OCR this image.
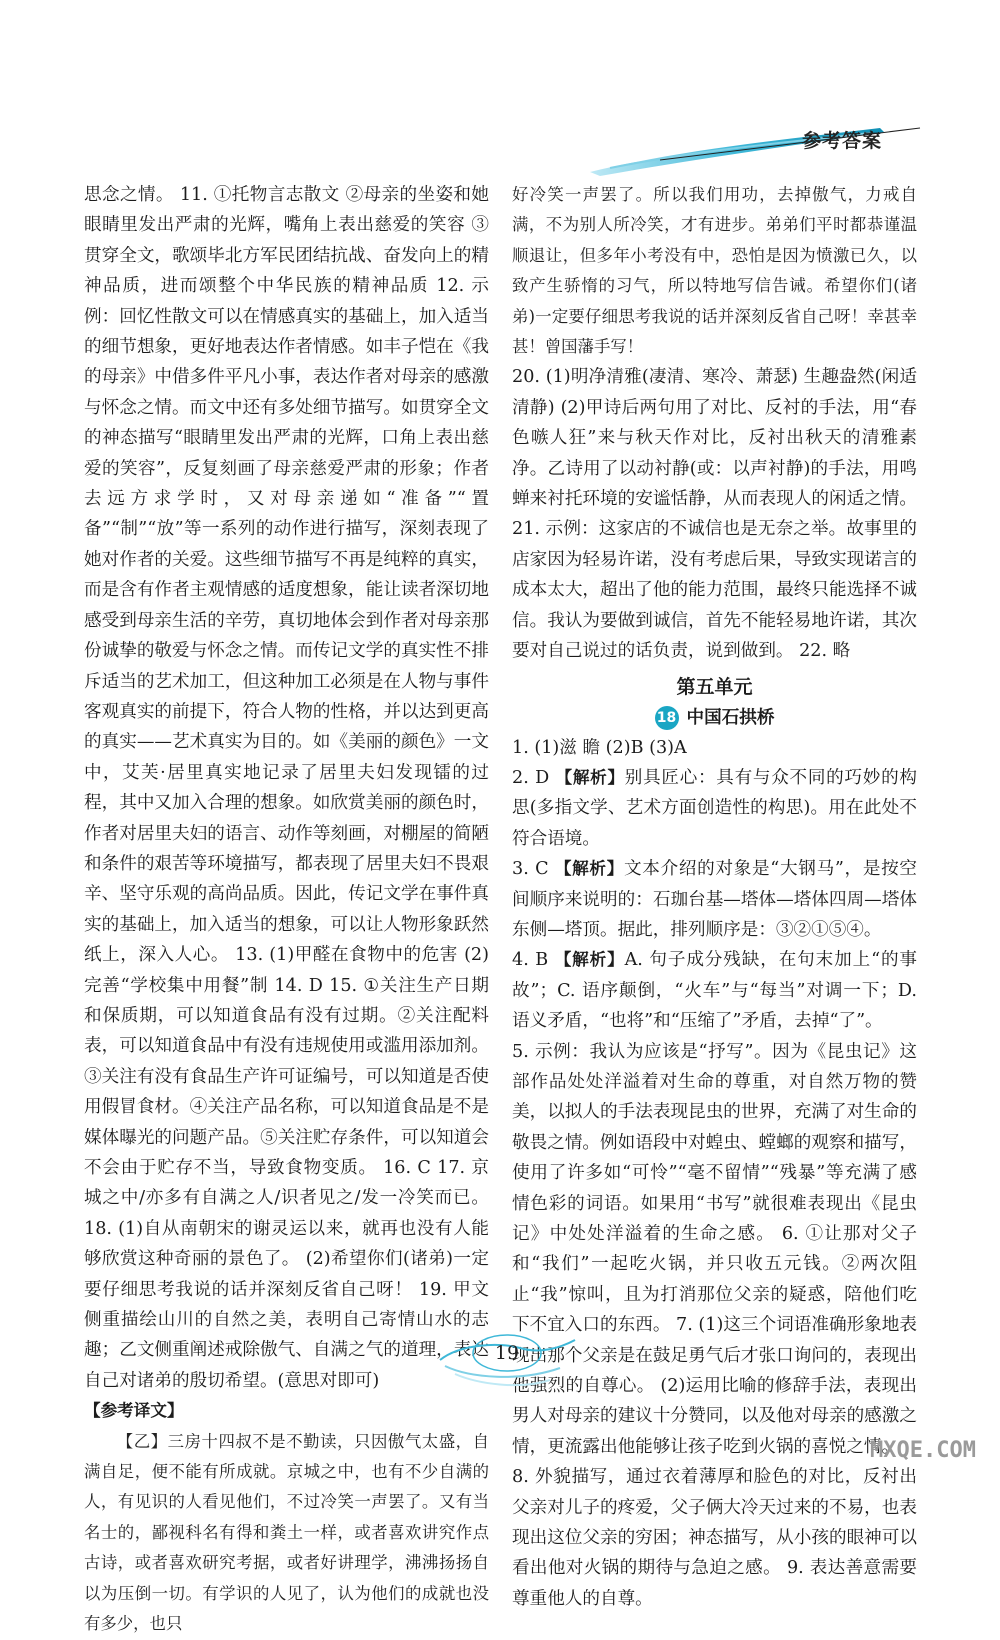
参考答案

思念之情。 11. ①托物言志散文 ②母亲的坐姿和她眼睛里发出严肃的光辉，嘴角上表出慈爱的笑容 ③贯穿全文，歌颂毕北方军民团结抗战、奋发向上的精神品质，进而颂整个中华民族的精神品质 12. 示例：回忆性散文可以在情感真实的基础上，加入适当的细节想象，更好地表达作者情感。如丰子恺在《我的母亲》中借多件平凡小事，表达作者对母亲的感激与怀念之情。而文中还有多处细节描写。如贯穿全文的神态描写“眼睛里发出严肃的光辉，口角上表出慈爱的笑容”，反复刻画了母亲慈爱严肃的形象；作者去远方求学时，又对母亲递如“准备”“置备”“制”“放”等一系列的动作进行描写，深刻表现了她对作者的关爱。这些细节描写不再是纯粹的真实，而是含有作者主观情感的适度想象，能让读者深切地感受到母亲生活的辛劳，真切地体会到作者对母亲那份诚挚的敬爱与怀念之情。而传记文学的真实性不排斥适当的艺术加工，但这种加工必须是在人物与事件客观真实的前提下，符合人物的性格，并以达到更高的真实——艺术真实为目的。如《美丽的颜色》一文中，艾芙·居里真实地记录了居里夫妇发现镭的过程，其中又加入合理的想象。如欣赏美丽的颜色时，作者对居里夫妇的语言、动作等刻画，对棚屋的简陋和条件的艰苦等环境描写，都表现了居里夫妇不畏艰辛、坚守乐观的高尚品质。因此，传记文学在事件真实的基础上，加入适当的想象，可以让人物形象跃然纸上，深入人心。 13. (1)甲醛在食物中的危害 (2)完善“学校集中用餐”制 14. D 15. ①关注生产日期和保质期，可以知道食品有没有过期。②关注配料表，可以知道食品中有没有违规使用或滥用添加剂。③关注有没有食品生产许可证编号，可以知道是否使用假冒食材。④关注产品名称，可以知道食品是不是媒体曝光的问题产品。⑤关注贮存条件，可以知道会不会由于贮存不当，导致食物变质。 16. C 17. 京城之中/亦多有自满之人/识者见之/发一冷笑而已。 18. (1)自从南朝宋的谢灵运以来，就再也没有人能够欣赏这种奇丽的景色了。 (2)希望你们(诸弟)一定要仔细思考我说的话并深刻反省自己呀！ 19. 甲文侧重描绘山川的自然之美，表明自己寄情山水的志趣；乙文侧重阐述戒除傲气、自满之气的道理，表达自己对诸弟的殷切希望。(意思对即可)

【参考译文】

【乙】三房十四叔不是不勤读，只因傲气太盛，自满自足，便不能有所成就。京城之中，也有不少自满的人，有见识的人看见他们，不过冷笑一声罢了。又有当名士的，鄙视科名有得和粪土一样，或者喜欢讲究作点古诗，或者喜欢研究考据，或者好讲理学，沸沸扬扬自以为压倒一切。有学识的人见了，认为他们的成就也没有多少，也只

好冷笑一声罢了。所以我们用功，去掉傲气，力戒自满，不为别人所冷笑，才有进步。弟弟们平时都恭谨温顺退让，但多年小考没有中，恐怕是因为愤激已久，以致产生骄惰的习气，所以特地写信告诫。希望你们(诸弟)一定要仔细思考我说的话并深刻反省自己呀！幸甚幸甚！曾国藩手写！

20. (1)明净清雅(凄清、寒冷、萧瑟) 生趣盎然(闲适清静) (2)甲诗后两句用了对比、反衬的手法，用“春色嗾人狂”来与秋天作对比，反衬出秋天的清雅素净。乙诗用了以动衬静(或：以声衬静)的手法，用鸣蝉来衬托环境的安谧恬静，从而表现人的闲适之情。 21. 示例：这家店的不诚信也是无奈之举。故事里的店家因为轻易许诺，没有考虑后果，导致实现诺言的成本太大，超出了他的能力范围，最终只能选择不诚信。我认为要做到诚信，首先不能轻易地许诺，其次要对自己说过的话负责，说到做到。 22. 略

第五单元
18 中国石拱桥

1. (1)滋 瞻 (2)B (3)A

2. D 【解析】别具匠心：具有与众不同的巧妙的构思(多指文学、艺术方面创造性的构思)。用在此处不符合语境。

3. C 【解析】文本介绍的对象是“大钢马”，是按空间顺序来说明的：石珈台基—塔体—塔体四周—塔体东侧—塔顶。据此，排列顺序是：③②①⑤④。

4. B 【解析】A. 句子成分残缺，在句末加上“的事故”；C. 语序颠倒，“火车”与“每当”对调一下；D. 语义矛盾，“也将”和“压缩了”矛盾，去掉“了”。

5. 示例：我认为应该是“抒写”。因为《昆虫记》这部作品处处洋溢着对生命的尊重，对自然万物的赞美，以拟人的手法表现昆虫的世界，充满了对生命的敬畏之情。例如语段中对蝗虫、螳螂的观察和描写，使用了许多如“可怜”“毫不留情”“残暴”等充满了感情色彩的词语。如果用“书写”就很难表现出《昆虫记》中处处洋溢着的生命之感。 6. ①让那对父子和“我们”一起吃火锅，并只收五元钱。②两次阻止“我”惊叫，且为打消那位父亲的疑惑，陪他们吃下不宜入口的东西。 7. (1)这三个词语准确形象地表现出那个父亲是在鼓足勇气后才张口询问的，表现出他强烈的自尊心。 (2)运用比喻的修辞手法，表现出男人对母亲的建议十分赞同，以及他对母亲的感激之情，更流露出他能够让孩子吃到火锅的喜悦之情。

8. 外貌描写，通过衣着薄厚和脸色的对比，反衬出父亲对儿子的疼爱，父子俩大冷天过来的不易，也表现出这位父亲的穷困；神态描写，从小孩的眼神可以看出他对火锅的期待与急迫之感。 9. 表达善意需要尊重他人的自尊。

19
MXQE.COM
